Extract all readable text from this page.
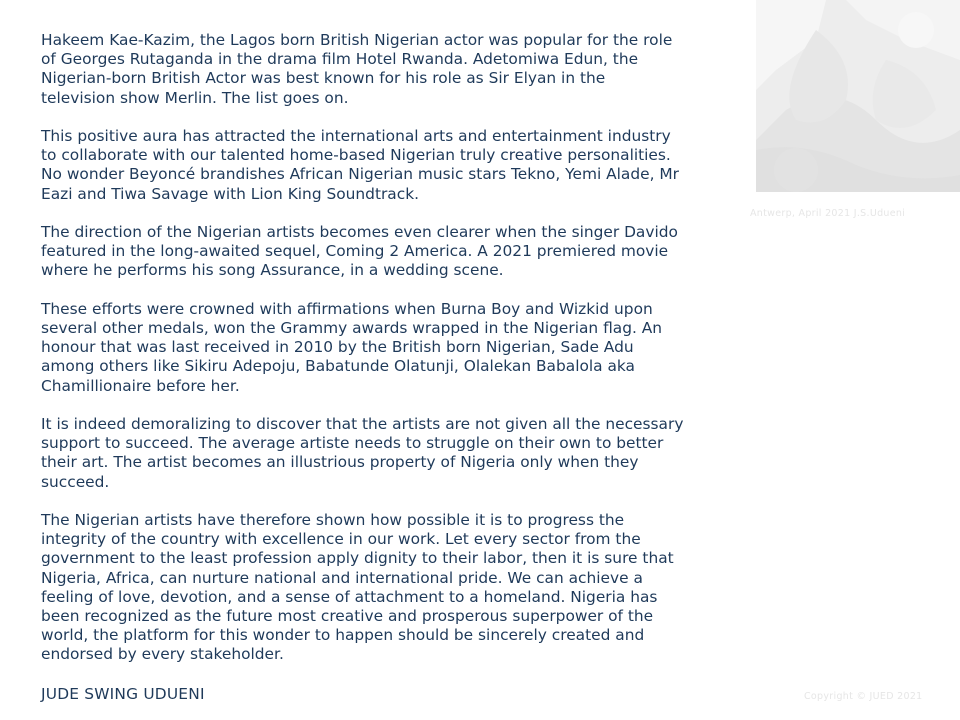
Hakeem Kae-Kazim, the Lagos born British Nigerian actor was popular for the role
of Georges Rutaganda in the drama film Hotel Rwanda. Adetomiwa Edun, the
Nigerian-born British Actor was best known for his role as Sir Elyan in the
television show Merlin. The list goes on.

This positive aura has attracted the international arts and entertainment industry
to collaborate with our talented home-based Nigerian truly creative personalities.
No wonder Beyoncé brandishes African Nigerian music stars Tekno, Yemi Alade, Mr
Eazi and Tiwa Savage with Lion King Soundtrack.

The direction of the Nigerian artists becomes even clearer when the singer Davido
featured in the long-awaited sequel, Coming 2 America. A 2021 premiered movie
where he performs his song Assurance, in a wedding scene.

These efforts were crowned with affirmations when Burna Boy and Wizkid upon
several other medals, won the Grammy awards wrapped in the Nigerian flag. An
honour that was last received in 2010 by the British born Nigerian, Sade Adu
among others like Sikiru Adepoju, Babatunde Olatunji, Olalekan Babalola aka
Chamillionaire before her.

It is indeed demoralizing to discover that the artists are not given all the necessary
support to succeed. The average artiste needs to struggle on their own to better
their art. The artist becomes an illustrious property of Nigeria only when they
succeed.

The Nigerian artists have therefore shown how possible it is to progress the
integrity of the country with excellence in our work. Let every sector from the
government to the least profession apply dignity to their labor, then it is sure that
Nigeria, Africa, can nurture national and international pride. We can achieve a
feeling of love, devotion, and a sense of attachment to a homeland. Nigeria has
been recognized as the future most creative and prosperous superpower of the
world, the platform for this wonder to happen should be sincerely created and
endorsed by every stakeholder.

JUDE SWING UDUENI
Antwerp, April 2021 J.S.Udueni
Copyright © JUED 2021
